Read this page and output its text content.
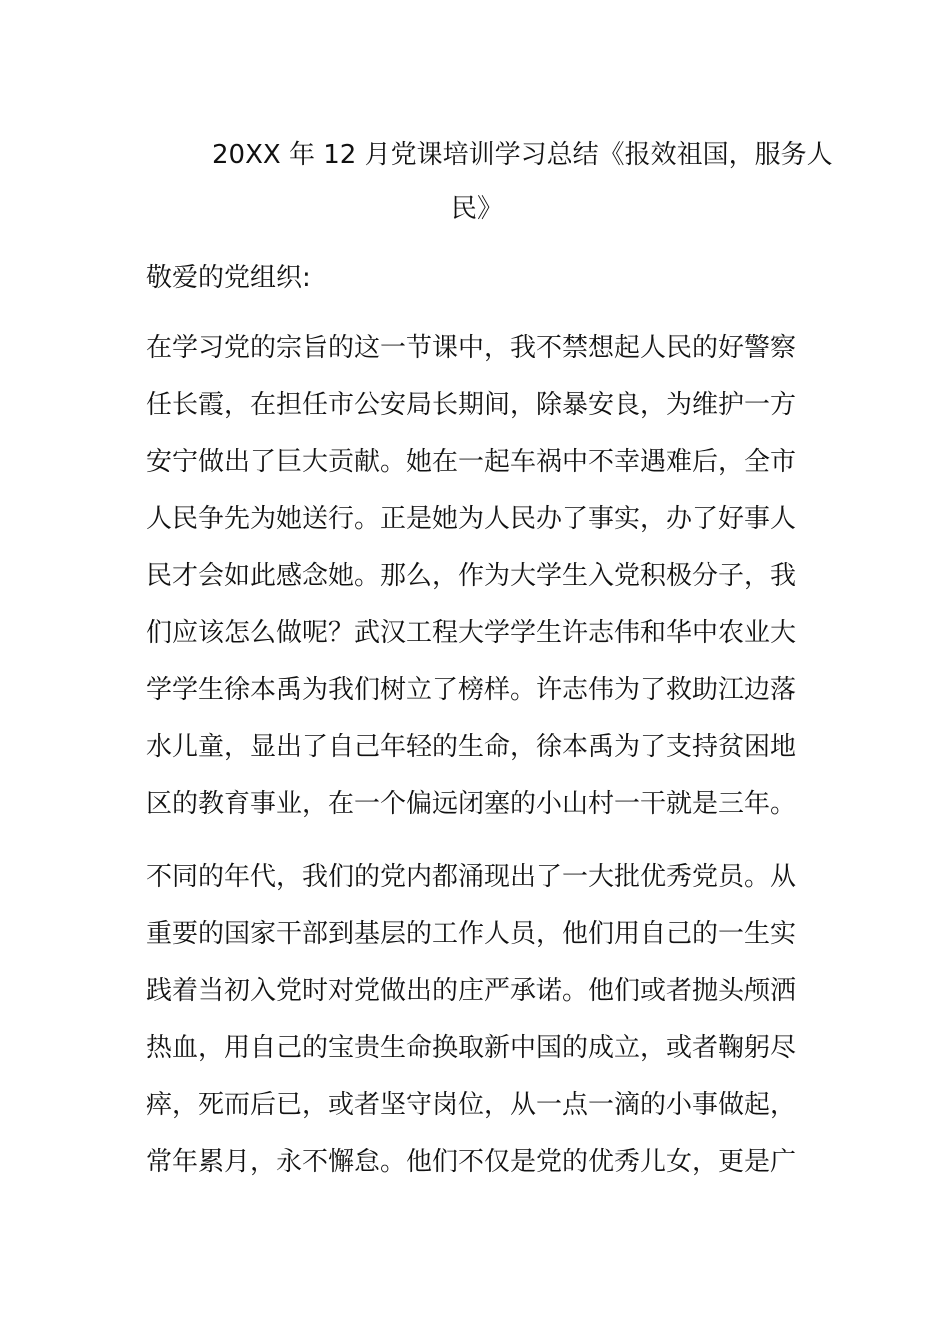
20XX 年 12 月党课培训学习总结《报效祖国，服务人
民》

敬爱的党组织:

在学习党的宗旨的这一节课中，我不禁想起人民的好警察
任长霞，在担任市公安局长期间，除暴安良，为维护一方
安宁做出了巨大贡献。她在一起车祸中不幸遇难后，全市
人民争先为她送行。正是她为人民办了事实，办了好事人
民才会如此感念她。那么，作为大学生入党积极分子，我
们应该怎么做呢？武汉工程大学学生许志伟和华中农业大
学学生徐本禹为我们树立了榜样。许志伟为了救助江边落
水儿童，显出了自己年轻的生命，徐本禹为了支持贫困地
区的教育事业，在一个偏远闭塞的小山村一干就是三年。

不同的年代，我们的党内都涌现出了一大批优秀党员。从
重要的国家干部到基层的工作人员，他们用自己的一生实
践着当初入党时对党做出的庄严承诺。他们或者抛头颅洒
热血，用自己的宝贵生命换取新中国的成立，或者鞠躬尽
瘁，死而后已，或者坚守岗位，从一点一滴的小事做起，
常年累月，永不懈怠。他们不仅是党的优秀儿女，更是广
